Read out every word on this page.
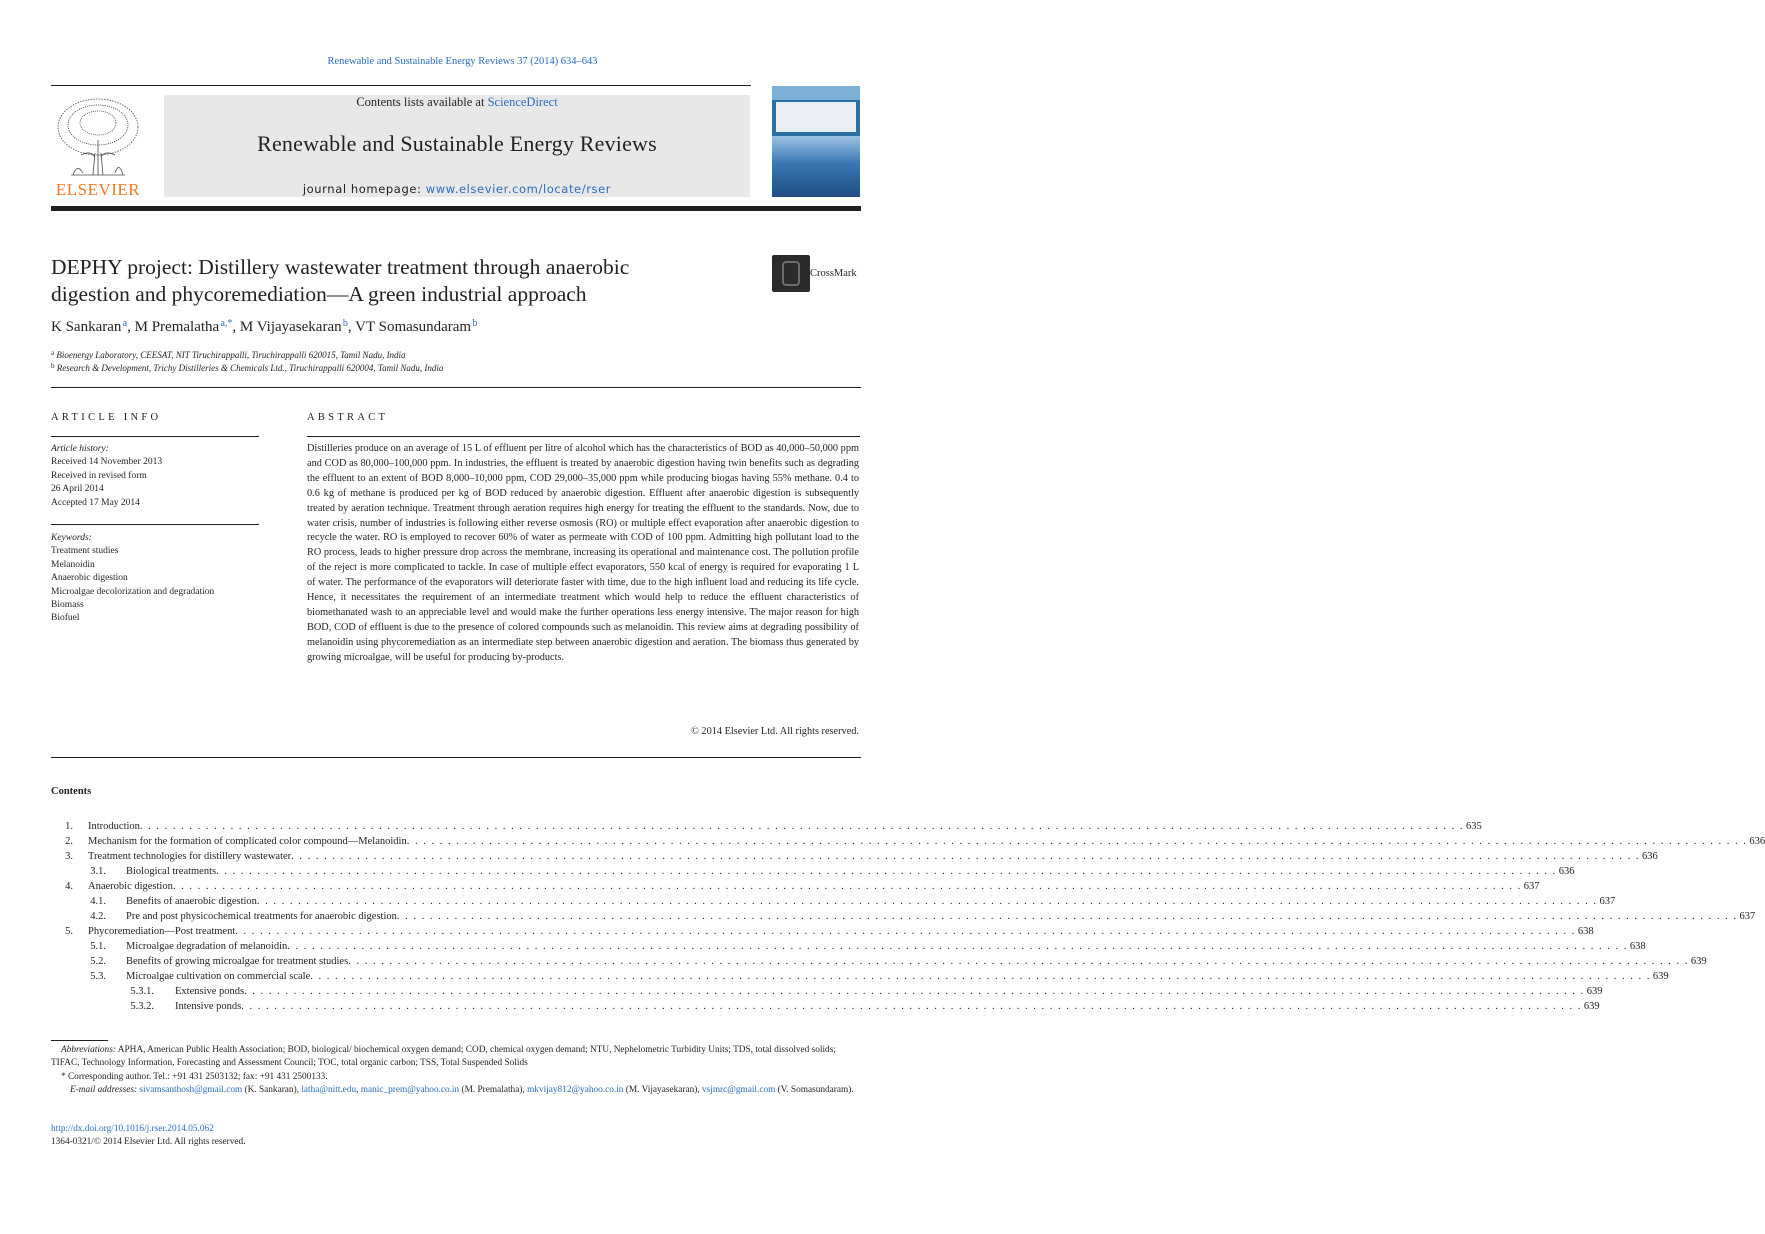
Renewable and Sustainable Energy Reviews 37 (2014) 634–643
ELSEVIER
Contents lists available at ScienceDirect
Renewable and Sustainable Energy Reviews
journal homepage: www.elsevier.com/locate/rser
DEPHY project: Distillery wastewater treatment through anaerobic
digestion and phycoremediation—A green industrial approach
CrossMark
K Sankaran $^a$, M Premalatha $^{a,*}$, M Vijayasekaran $^b$, VT Somasundaram $^b$
$^a$ Bioenergy Laboratory, CEESAT, NIT Tiruchirappalli, Tiruchirappalli 620015, Tamil Nadu, India
$^b$ Research & Development, Trichy Distilleries & Chemicals Ltd., Tiruchirappalli 620004, Tamil Nadu, India
ARTICLE INFO
Article history:
Received 14 November 2013
Received in revised form
26 April 2014
Accepted 17 May 2014
Keywords:
Treatment studies
Melanoidin
Anaerobic digestion
Microalgae decolorization and degradation
Biomass
Biofuel
ABSTRACT
Distilleries produce on an average of 15 L of effluent per litre of alcohol which has the characteristics of BOD as 40,000–50,000 ppm and COD as 80,000–100,000 ppm. In industries, the effluent is treated by anaerobic digestion having twin benefits such as degrading the effluent to an extent of BOD 8,000–10,000 ppm, COD 29,000–35,000 ppm while producing biogas having 55% methane. 0.4 to 0.6 kg of methane is produced per kg of BOD reduced by anaerobic digestion. Effluent after anaerobic digestion is subsequently treated by aeration technique. Treatment through aeration requires high energy for treating the effluent to the standards. Now, due to water crisis, number of industries is following either reverse osmosis (RO) or multiple effect evaporation after anaerobic digestion to recycle the water. RO is employed to recover 60% of water as permeate with COD of 100 ppm. Admitting high pollutant load to the RO process, leads to higher pressure drop across the membrane, increasing its operational and maintenance cost. The pollution profile of the reject is more complicated to tackle. In case of multiple effect evaporators, 550 kcal of energy is required for evaporating 1 L of water. The performance of the evaporators will deteriorate faster with time, due to the high influent load and reducing its life cycle. Hence, it necessitates the requirement of an intermediate treatment which would help to reduce the effluent characteristics of biomethanated wash to an appreciable level and would make the further operations less energy intensive. The major reason for high BOD, COD of effluent is due to the presence of colored compounds such as melanoidin. This review aims at degrading possibility of melanoidin using phycoremediation as an intermediate step between anaerobic digestion and aeration. The biomass thus generated by growing microalgae, will be useful for producing by-products.
© 2014 Elsevier Ltd. All rights reserved.
Contents
1. Introduction . . . . . . . . . . . . . . . . . . . . . . . . . . . . . . . . . . . . . . . . . . . . . . . . . . . . . . . . . . . . . . . . . . . . . . . . . . . . . . . . . . . . . . . . . . . . . . . . . . . . . . . . . . . . . . . . . . . . . . . . . . . . . . . . . . . . . . . . . . . . . . . . . . . . . . . . . . . . . . . . . 635
2. Mechanism for the formation of complicated color compound—Melanoidin . . . . . . . . . . . . . . . . . . . . . . . . . . . . . . . . . . . . . . . . . . . . . . . . . . . . . . . . . . . . . . . . . . . . . . . . . . . . . . . . . . . . . . . . . . . . . . . . . . . . . . . . . . . . . . . . . . . . . . . . . . . . . . . . . . . . . . . . . . . . . . . . . . . . . . . . . . . . . . . . . . . 636
3. Treatment technologies for distillery wastewater . . . . . . . . . . . . . . . . . . . . . . . . . . . . . . . . . . . . . . . . . . . . . . . . . . . . . . . . . . . . . . . . . . . . . . . . . . . . . . . . . . . . . . . . . . . . . . . . . . . . . . . . . . . . . . . . . . . . . . . . . . . . . . . . . . . . . . . . . . . . . . . . . . . . . . . . . . . . . . . . . . . . 636
3.1. Biological treatments . . . . . . . . . . . . . . . . . . . . . . . . . . . . . . . . . . . . . . . . . . . . . . . . . . . . . . . . . . . . . . . . . . . . . . . . . . . . . . . . . . . . . . . . . . . . . . . . . . . . . . . . . . . . . . . . . . . . . . . . . . . . . . . . . . . . . . . . . . . . . . . . . . . . . . . . . . . . . . . . . . . 636
4. Anaerobic digestion . . . . . . . . . . . . . . . . . . . . . . . . . . . . . . . . . . . . . . . . . . . . . . . . . . . . . . . . . . . . . . . . . . . . . . . . . . . . . . . . . . . . . . . . . . . . . . . . . . . . . . . . . . . . . . . . . . . . . . . . . . . . . . . . . . . . . . . . . . . . . . . . . . . . . . . . . . . . . . . . . . . . 637
4.1. Benefits of anaerobic digestion . . . . . . . . . . . . . . . . . . . . . . . . . . . . . . . . . . . . . . . . . . . . . . . . . . . . . . . . . . . . . . . . . . . . . . . . . . . . . . . . . . . . . . . . . . . . . . . . . . . . . . . . . . . . . . . . . . . . . . . . . . . . . . . . . . . . . . . . . . . . . . . . . . . . . . . . . . . . . . . . . . . 637
4.2. Pre and post physicochemical treatments for anaerobic digestion . . . . . . . . . . . . . . . . . . . . . . . . . . . . . . . . . . . . . . . . . . . . . . . . . . . . . . . . . . . . . . . . . . . . . . . . . . . . . . . . . . . . . . . . . . . . . . . . . . . . . . . . . . . . . . . . . . . . . . . . . . . . . . . . . . . . . . . . . . . . . . . . . . . . . . . . . . . . . . . . . . . 637
5. Phycoremediation—Post treatment . . . . . . . . . . . . . . . . . . . . . . . . . . . . . . . . . . . . . . . . . . . . . . . . . . . . . . . . . . . . . . . . . . . . . . . . . . . . . . . . . . . . . . . . . . . . . . . . . . . . . . . . . . . . . . . . . . . . . . . . . . . . . . . . . . . . . . . . . . . . . . . . . . . . . . . . . . . . . . . . . . . 638
5.1. Microalgae degradation of melanoidin . . . . . . . . . . . . . . . . . . . . . . . . . . . . . . . . . . . . . . . . . . . . . . . . . . . . . . . . . . . . . . . . . . . . . . . . . . . . . . . . . . . . . . . . . . . . . . . . . . . . . . . . . . . . . . . . . . . . . . . . . . . . . . . . . . . . . . . . . . . . . . . . . . . . . . . . . . . . . . . . . . . 638
5.2. Benefits of growing microalgae for treatment studies . . . . . . . . . . . . . . . . . . . . . . . . . . . . . . . . . . . . . . . . . . . . . . . . . . . . . . . . . . . . . . . . . . . . . . . . . . . . . . . . . . . . . . . . . . . . . . . . . . . . . . . . . . . . . . . . . . . . . . . . . . . . . . . . . . . . . . . . . . . . . . . . . . . . . . . . . . . . . . . . . . . 639
5.3. Microalgae cultivation on commercial scale . . . . . . . . . . . . . . . . . . . . . . . . . . . . . . . . . . . . . . . . . . . . . . . . . . . . . . . . . . . . . . . . . . . . . . . . . . . . . . . . . . . . . . . . . . . . . . . . . . . . . . . . . . . . . . . . . . . . . . . . . . . . . . . . . . . . . . . . . . . . . . . . . . . . . . . . . . . . . . . . . . . 639
5.3.1. Extensive ponds . . . . . . . . . . . . . . . . . . . . . . . . . . . . . . . . . . . . . . . . . . . . . . . . . . . . . . . . . . . . . . . . . . . . . . . . . . . . . . . . . . . . . . . . . . . . . . . . . . . . . . . . . . . . . . . . . . . . . . . . . . . . . . . . . . . . . . . . . . . . . . . . . . . . . . . . . . . . . . . . . . . 639
5.3.2. Intensive ponds . . . . . . . . . . . . . . . . . . . . . . . . . . . . . . . . . . . . . . . . . . . . . . . . . . . . . . . . . . . . . . . . . . . . . . . . . . . . . . . . . . . . . . . . . . . . . . . . . . . . . . . . . . . . . . . . . . . . . . . . . . . . . . . . . . . . . . . . . . . . . . . . . . . . . . . . . . . . . . . . . . . 639
Abbreviations: APHA, American Public Health Association; BOD, biological/ biochemical oxygen demand; COD, chemical oxygen demand; NTU, Nephelometric Turbidity Units; TDS, total dissolved solids; TIFAC, Technology Information, Forecasting and Assessment Council; TOC, total organic carbon; TSS, Total Suspended Solids
* Corresponding author. Tel.: +91 431 2503132; fax: +91 431 2500133.
E-mail addresses: sivamsanthosh@gmail.com (K. Sankaran), latha@nitt.edu, manic_prem@yahoo.co.in (M. Premalatha), mkvijay812@yahoo.co.in (M. Vijayasekaran), vsjmrc@gmail.com (V. Somasundaram).
http://dx.doi.org/10.1016/j.rser.2014.05.062
1364-0321/© 2014 Elsevier Ltd. All rights reserved.
